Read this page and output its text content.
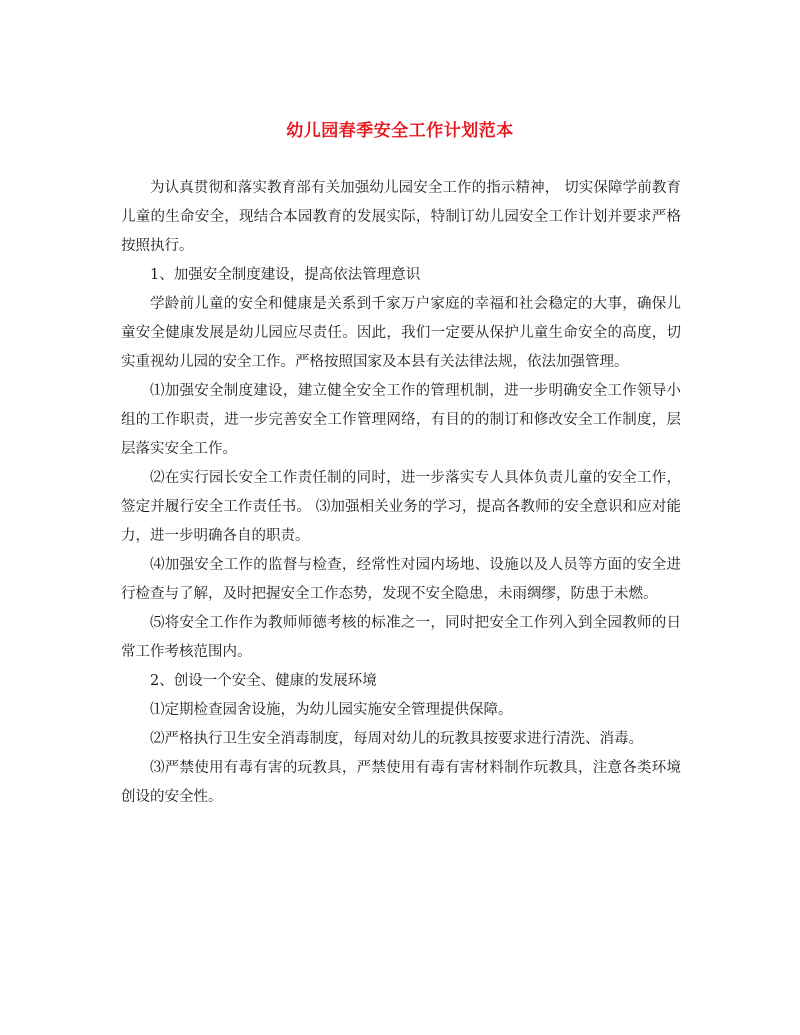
幼儿园春季安全工作计划范本

为认真贯彻和落实教育部有关加强幼儿园安全工作的指示精神， 切实保障学前教育儿童的生命安全，现结合本园教育的发展实际，特制订幼儿园安全工作计划并要求严格按照执行。

1、加强安全制度建设，提高依法管理意识

学龄前儿童的安全和健康是关系到千家万户家庭的幸福和社会稳定的大事，确保儿童安全健康发展是幼儿园应尽责任。因此，我们一定要从保护儿童生命安全的高度，切实重视幼儿园的安全工作。严格按照国家及本县有关法律法规，依法加强管理。

⑴加强安全制度建设，建立健全安全工作的管理机制，进一步明确安全工作领导小组的工作职责，进一步完善安全工作管理网络，有目的的制订和修改安全工作制度，层层落实安全工作。

⑵在实行园长安全工作责任制的同时，进一步落实专人具体负责儿童的安全工作，签定并履行安全工作责任书。 ⑶加强相关业务的学习，提高各教师的安全意识和应对能力，进一步明确各自的职责。

⑷加强安全工作的监督与检查，经常性对园内场地、设施以及人员等方面的安全进行检查与了解，及时把握安全工作态势，发现不安全隐患，未雨绸缪，防患于未燃。

⑸将安全工作作为教师师德考核的标准之一，同时把安全工作列入到全园教师的日常工作考核范围内。

2、创设一个安全、健康的发展环境

⑴定期检查园舍设施，为幼儿园实施安全管理提供保障。

⑵严格执行卫生安全消毒制度，每周对幼儿的玩教具按要求进行清洗、消毒。

⑶严禁使用有毒有害的玩教具，严禁使用有毒有害材料制作玩教具，注意各类环境创设的安全性。
